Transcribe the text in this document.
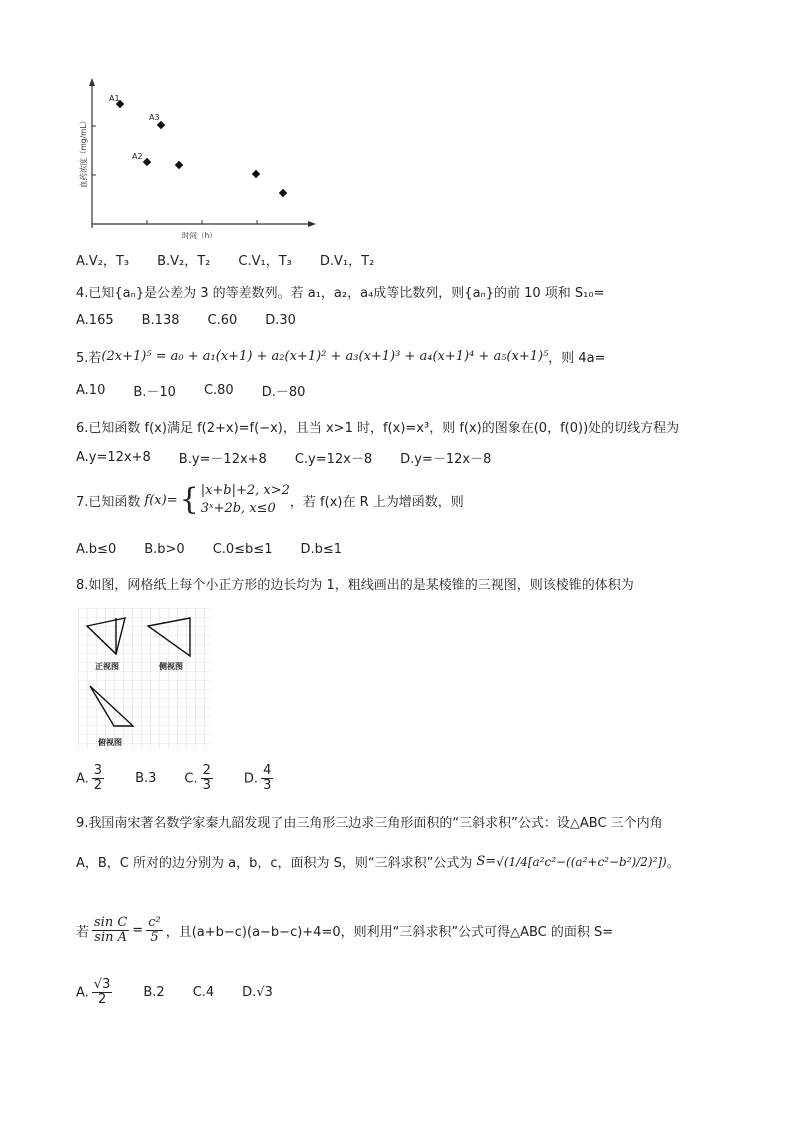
A1
A3
A2
血药浓度（mg/mL）
时间（h）
A.V₂，T₃ B.V₂，T₂ C.V₁，T₃ D.V₁，T₂
4.已知{aₙ}是公差为 3 的等差数列。若 a₁，a₂，a₄成等比数列，则{aₙ}的前 10 项和 S₁₀=
A.165 B.138 C.60 D.30
5.若 (2x+1)⁵ = a₀ + a₁(x+1) + a₂(x+1)² + a₃(x+1)³ + a₄(x+1)⁴ + a₅(x+1)⁵ ，则 4a=
A.10 B.－10 C.80 D.－80
6.已知函数 f(x)满足 f(2+x)=f(−x)，且当 x>1 时，f(x)=x³，则 f(x)的图象在(0，f(0))处的切线方程为
A.y=12x+8 B.y=－12x+8 C.y=12x－8 D.y=－12x－8
7.已知函数 f(x)= { |x+b|+2, x>2
3ˣ+2b, x≤0	，若 f(x)在 R 上为增函数，则
A.b≤0 B.b>0 C.0≤b≤1 D.b≤1
8.如图，网格纸上每个小正方形的边长均为 1，粗线画出的是某棱锥的三视图，则该棱锥的体积为
正视图	侧视图
俯视图
A. $\frac{3}{2} B.3$ C. $\frac{2}{3} D$. $\frac{4}{3}$
9.我国南宋著名数学家秦九韶发现了由三角形三边求三角形面积的“三斜求积”公式：设△ABC 三个内角
A，B，C 所对的边分别为 a，b，c，面积为 S，则“三斜求积”公式为 S= √(1/4[a²c²−((a²+c²−b²)/2)²]) 。
若 $\frac{\text{sin C}}{\text{sin A}} = \frac{\text{c²}}{5}$ ，且(a+b−c)(a−b−c)+4=0，则利用“三斜求积”公式可得△ABC 的面积 S=
A. $\frac{√3}{2} B.2$ C.4 D.√3
